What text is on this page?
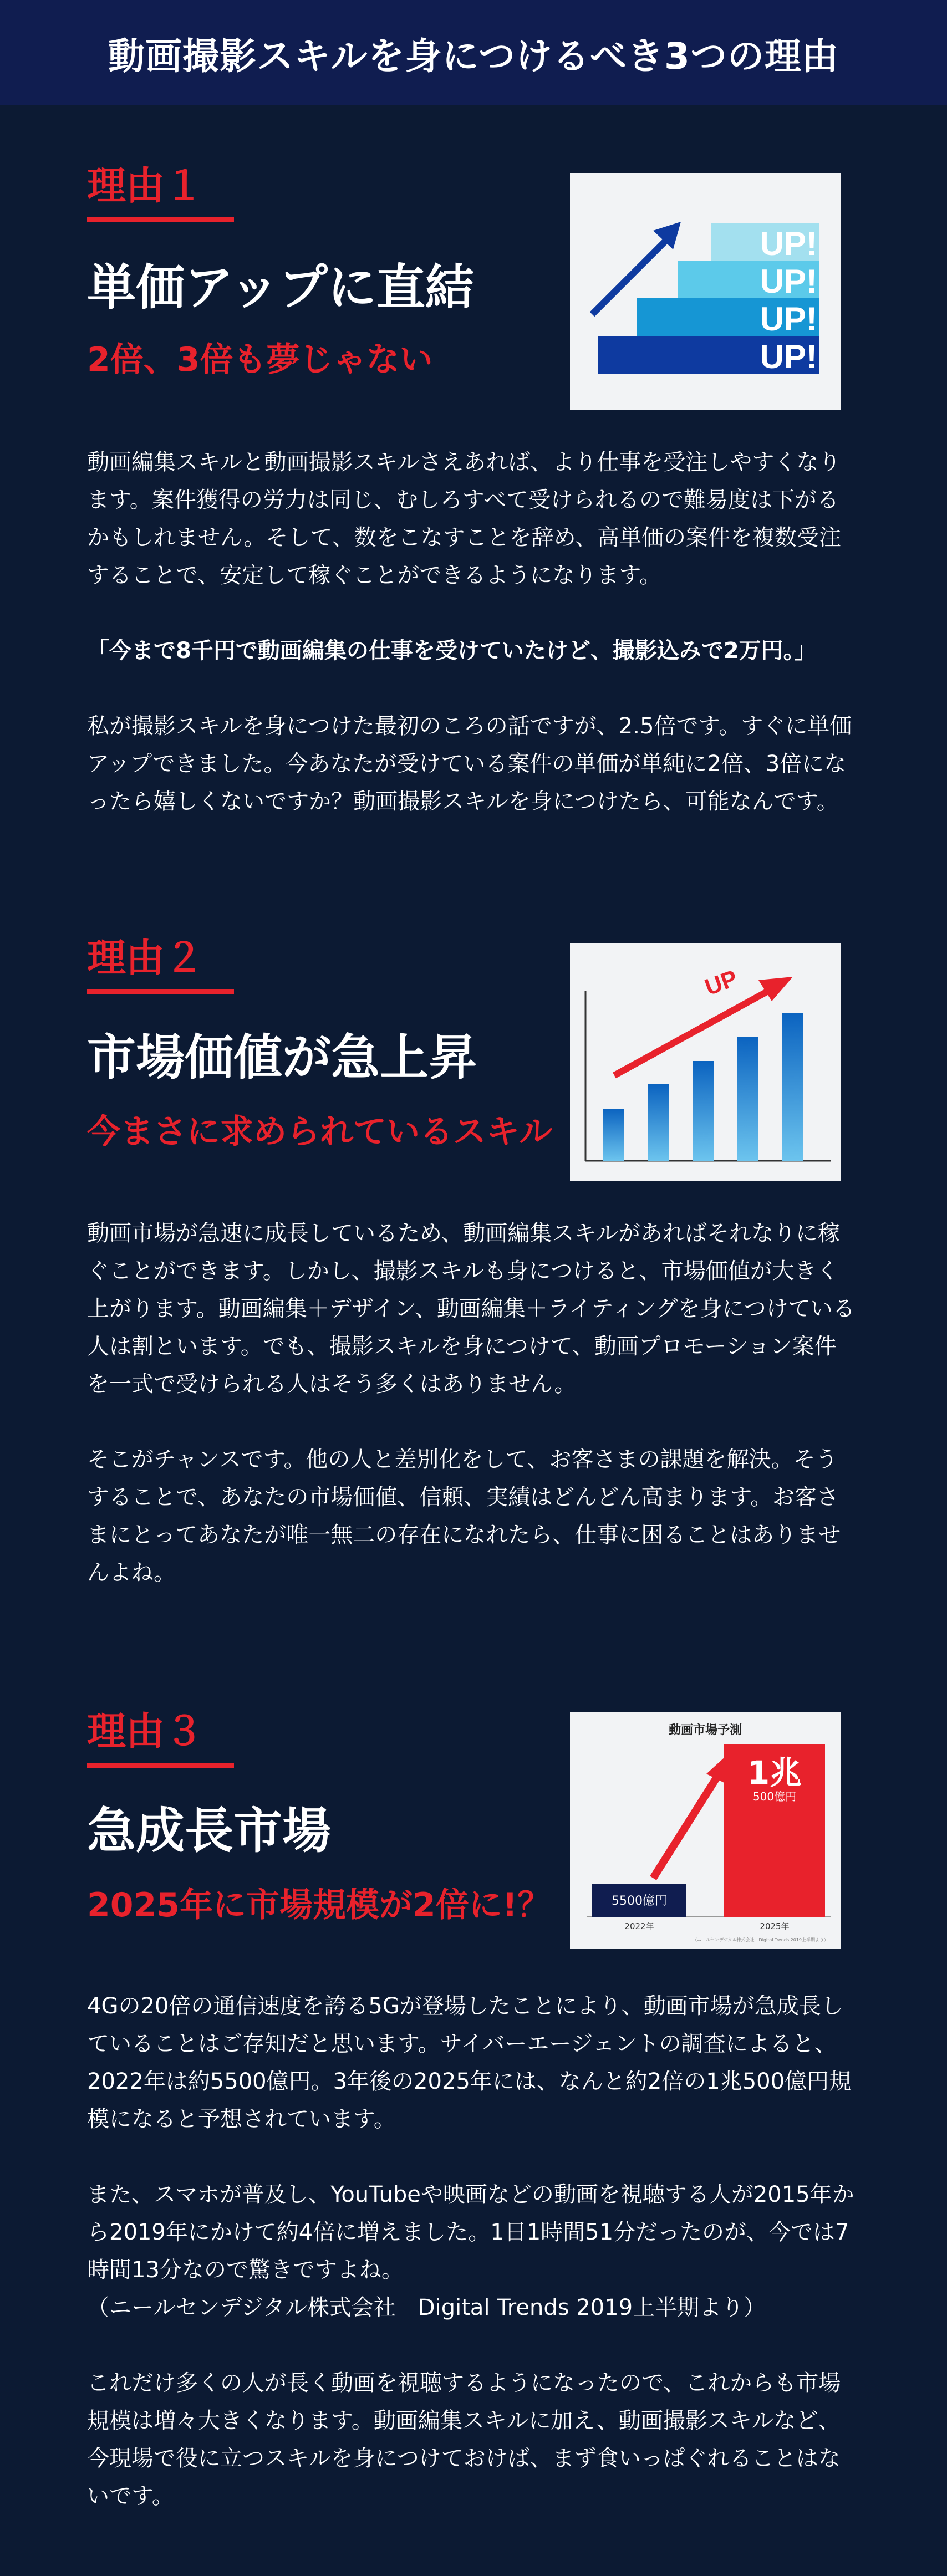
動画撮影スキルを身につけるべき3つの理由

理由１

単価アップに直結

2倍、3倍も夢じゃない

UP!
UP!
UP!
UP!

動画編集スキルと動画撮影スキルさえあれば、より仕事を受注しやすくなります。案件獲得の労力は同じ、むしろすべて受けられるので難易度は下がるかもしれません。そして、数をこなすことを辞め、高単価の案件を複数受注することで、安定して稼ぐことができるようになります。

「今まで8千円で動画編集の仕事を受けていたけど、撮影込みで2万円。」

私が撮影スキルを身につけた最初のころの話ですが、2.5倍です。すぐに単価アップできました。今あなたが受けている案件の単価が単純に2倍、3倍になったら嬉しくないですか？動画撮影スキルを身につけたら、可能なんです。

理由２

市場価値が急上昇

今まさに求められているスキル

UP

動画市場が急速に成長しているため、動画編集スキルがあればそれなりに稼ぐことができます。しかし、撮影スキルも身につけると、市場価値が大きく上がります。動画編集＋デザイン、動画編集＋ライティングを身につけている人は割といます。でも、撮影スキルを身につけて、動画プロモーション案件を一式で受けられる人はそう多くはありません。

そこがチャンスです。他の人と差別化をして、お客さまの課題を解決。そうすることで、あなたの市場価値、信頼、実績はどんどん高まります。お客さまにとってあなたが唯一無二の存在になれたら、仕事に困ることはありませんよね。

理由３

急成長市場

2025年に市場規模が2倍に!？

動画市場予測
5500億円
1兆
500億円
2022年	2025年
（ニールセンデジタル株式会社　Digital Trends 2019上半期より）

4Gの20倍の通信速度を誇る5Gが登場したことにより、動画市場が急成長していることはご存知だと思います。サイバーエージェントの調査によると、2022年は約5500億円。3年後の2025年には、なんと約2倍の1兆500億円規模になると予想されています。

また、スマホが普及し、YouTubeや映画などの動画を視聴する人が2015年から2019年にかけて約4倍に増えました。1日1時間51分だったのが、今では7時間13分なので驚きですよね。
（ニールセンデジタル株式会社　Digital Trends 2019上半期より）

これだけ多くの人が長く動画を視聴するようになったので、これからも市場規模は増々大きくなります。動画編集スキルに加え、動画撮影スキルなど、今現場で役に立つスキルを身につけておけば、まず食いっぱぐれることはないです。
